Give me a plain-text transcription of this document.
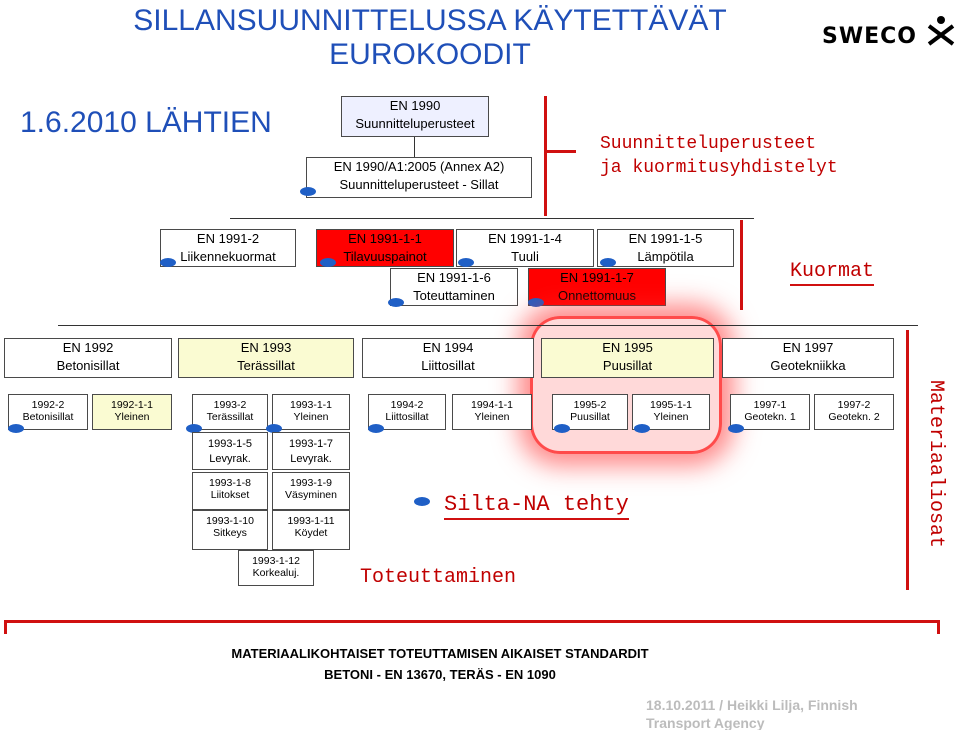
SILLANSUUNNITTELUSSA KÄYTETTÄVÄT
EUROKOODIT
1.6.2010 LÄHTIEN
SWECO
EN 1990
Suunnitteluperusteet
EN 1990/A1:2005 (Annex A2)
Suunnitteluperusteet - Sillat
Suunnitteluperusteet
ja kuormitusyhdistelyt
EN 1991-2
Liikennekuormat
EN 1991-1-1
Tilavuuspainot
EN 1991-1-4
Tuuli
EN 1991-1-5
Lämpötila
EN 1991-1-6
Toteuttaminen
EN 1991-1-7
Onnettomuus
Kuormat
EN 1992
Betonisillat
EN 1993
Terässillat
EN 1994
Liittosillat
EN 1995
Puusillat
EN 1997
Geotekniikka
1992-2
Betonisillat
1992-1-1
Yleinen
1993-2
Terässillat
1993-1-1
Yleinen
1994-2
Liittosillat
1994-1-1
Yleinen
1995-2
Puusillat
1995-1-1
Yleinen
1997-1
Geotekn. 1
1997-2
Geotekn. 2
1993-1-5
Levyrak.
1993-1-7
Levyrak.
1993-1-8
Liitokset
1993-1-9
Väsyminen
1993-1-10
Sitkeys
1993-1-11
Köydet
1993-1-12
Korkealuj.
Silta-NA tehty
Toteuttaminen
Materiaaliosat
MATERIAALIKOHTAISET TOTEUTTAMISEN AIKAISET STANDARDIT
BETONI - EN 13670, TERÄS - EN 1090
18.10.2011 / Heikki Lilja, Finnish
Transport Agency
